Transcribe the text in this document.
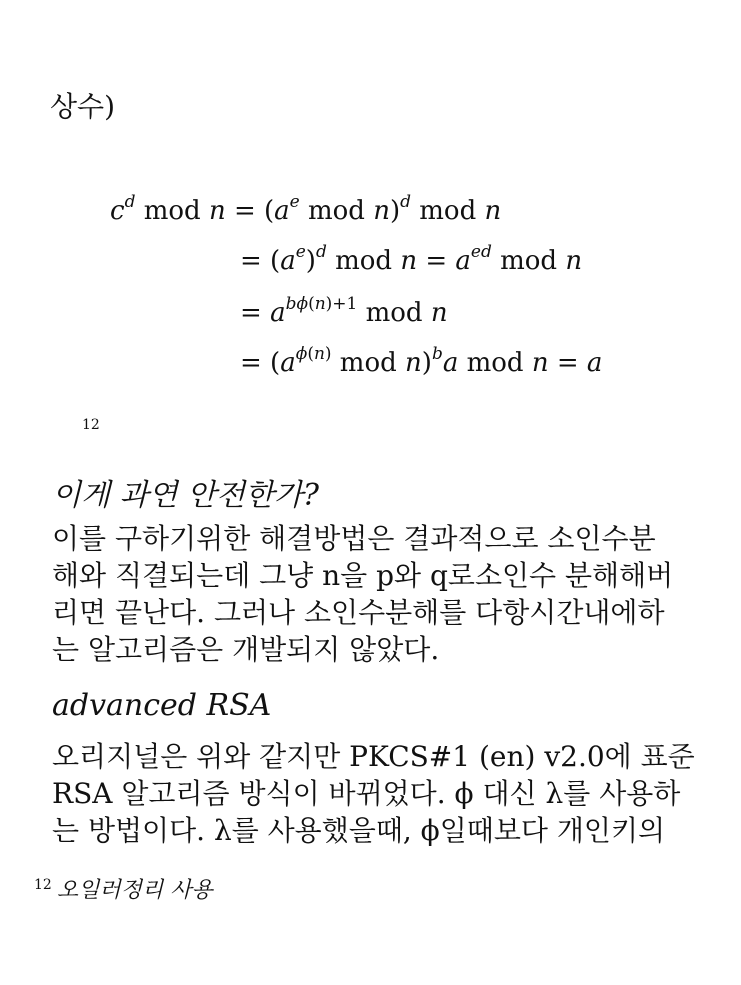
상수)
$c^d$ mod $n = (a^e$ mod n)$^d$ mod n
= $(a^e)^d$ mod $n = a^{ed}$ mod n
= $a^{b\phi(n)+1}$ mod n
= ($a^{\phi(n)}$ mod n)$^b$a mod n = a
12
이게 과연 안전한가?
이를 구하기위한 해결방법은 결과적으로 소인수분
해와 직결되는데 그냥 n을 p와 q로소인수 분해해버
리면 끝난다. 그러나 소인수분해를 다항시간내에하
는 알고리즘은 개발되지 않았다.
advanced RSA
오리지널은 위와 같지만 PKCS#1 (en) v2.0에 표준
RSA 알고리즘 방식이 바뀌었다. ϕ 대신 λ를 사용하
는 방법이다. λ를 사용했을때, ϕ일때보다 개인키의
12 오일러정리 사용
